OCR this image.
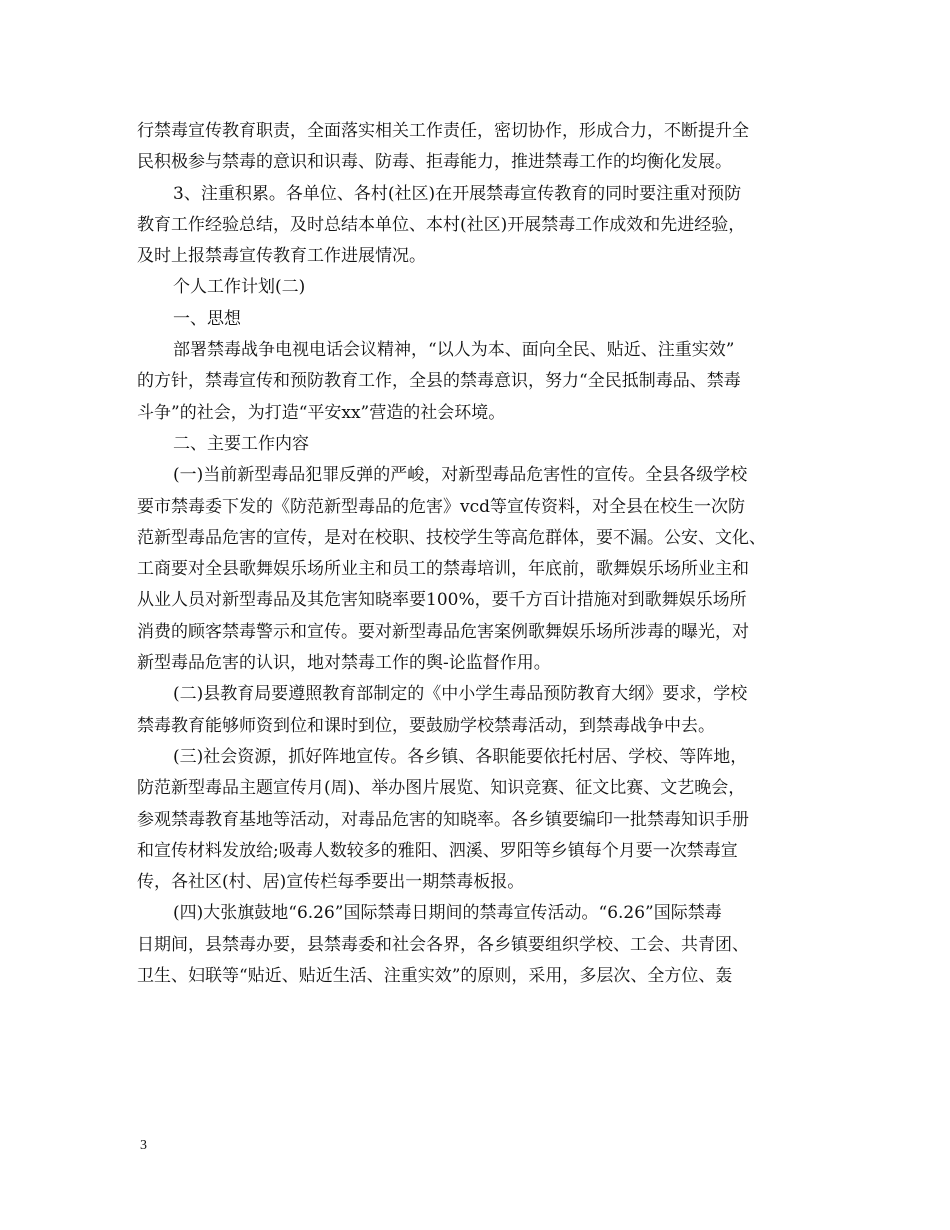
行禁毒宣传教育职责，全面落实相关工作责任，密切协作，形成合力，不断提升全
民积极参与禁毒的意识和识毒、防毒、拒毒能力，推进禁毒工作的均衡化发展。
3、注重积累。各单位、各村(社区)在开展禁毒宣传教育的同时要注重对预防
教育工作经验总结，及时总结本单位、本村(社区)开展禁毒工作成效和先进经验，
及时上报禁毒宣传教育工作进展情况。
个人工作计划(二)
一、思想
部署禁毒战争电视电话会议精神，“以人为本、面向全民、贴近、注重实效”
的方针，禁毒宣传和预防教育工作，全县的禁毒意识，努力“全民抵制毒品、禁毒
斗争”的社会，为打造“平安xx”营造的社会环境。
二、主要工作内容
(一)当前新型毒品犯罪反弹的严峻，对新型毒品危害性的宣传。全县各级学校
要市禁毒委下发的《防范新型毒品的危害》vcd等宣传资料，对全县在校生一次防
范新型毒品危害的宣传，是对在校职、技校学生等高危群体，要不漏。公安、文化、
工商要对全县歌舞娱乐场所业主和员工的禁毒培训，年底前，歌舞娱乐场所业主和
从业人员对新型毒品及其危害知晓率要100%，要千方百计措施对到歌舞娱乐场所
消费的顾客禁毒警示和宣传。要对新型毒品危害案例歌舞娱乐场所涉毒的曝光，对
新型毒品危害的认识，地对禁毒工作的舆-论监督作用。
(二)县教育局要遵照教育部制定的《中小学生毒品预防教育大纲》要求，学校
禁毒教育能够师资到位和课时到位，要鼓励学校禁毒活动，到禁毒战争中去。
(三)社会资源，抓好阵地宣传。各乡镇、各职能要依托村居、学校、等阵地，
防范新型毒品主题宣传月(周)、举办图片展览、知识竞赛、征文比赛、文艺晚会，
参观禁毒教育基地等活动，对毒品危害的知晓率。各乡镇要编印一批禁毒知识手册
和宣传材料发放给;吸毒人数较多的雅阳、泗溪、罗阳等乡镇每个月要一次禁毒宣
传，各社区(村、居)宣传栏每季要出一期禁毒板报。
(四)大张旗鼓地“6.26”国际禁毒日期间的禁毒宣传活动。“6.26”国际禁毒
日期间，县禁毒办要，县禁毒委和社会各界，各乡镇要组织学校、工会、共青团、
卫生、妇联等“贴近、贴近生活、注重实效”的原则，采用，多层次、全方位、轰
3
